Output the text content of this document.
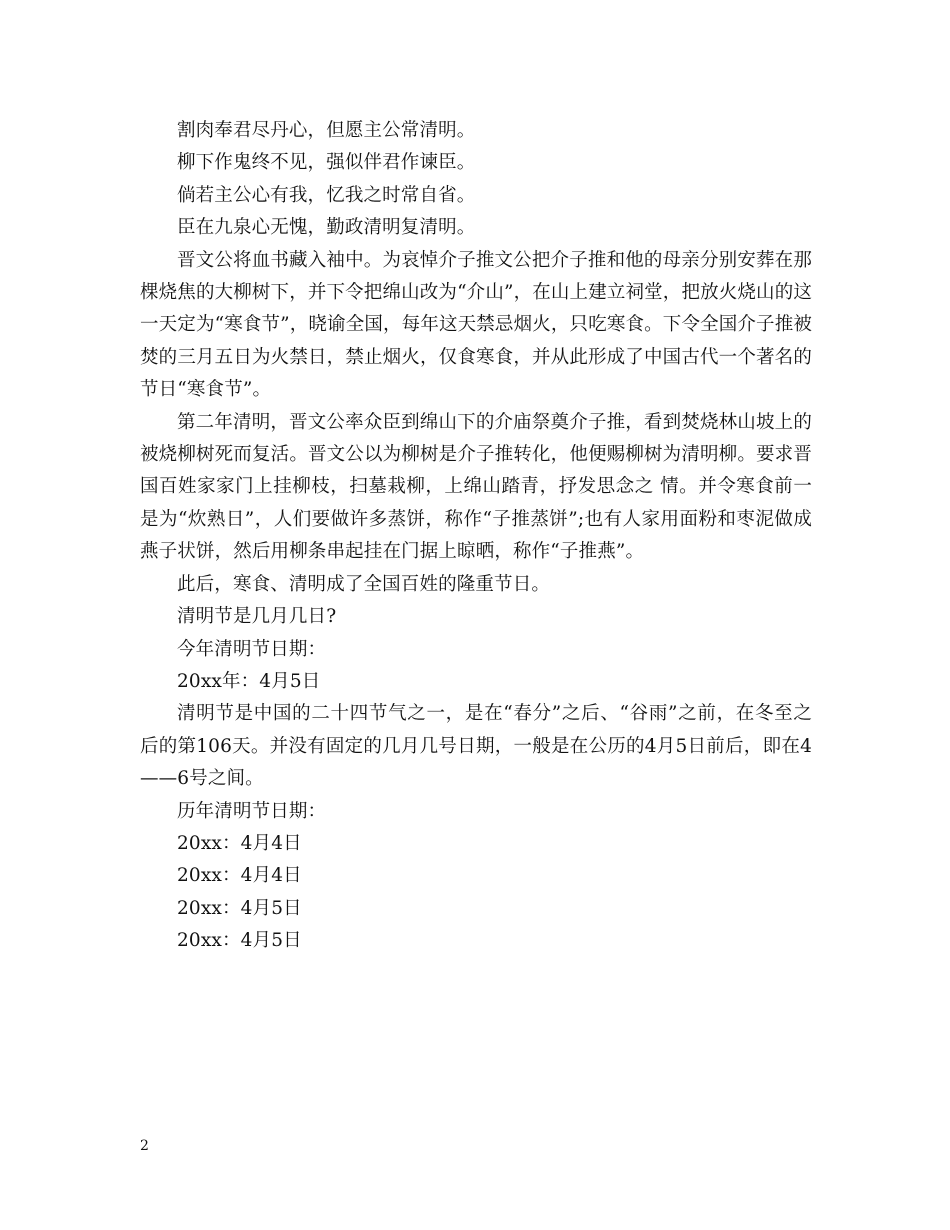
割肉奉君尽丹心，但愿主公常清明。

柳下作鬼终不见，强似伴君作谏臣。

倘若主公心有我，忆我之时常自省。

臣在九泉心无愧，勤政清明复清明。

晋文公将血书藏入袖中。为哀悼介子推文公把介子推和他的母亲分别安葬在那棵烧焦的大柳树下，并下令把绵山改为“介山”，在山上建立祠堂，把放火烧山的这一天定为“寒食节”，晓谕全国，每年这天禁忌烟火，只吃寒食。下令全国介子推被焚的三月五日为火禁日，禁止烟火，仅食寒食，并从此形成了中国古代一个著名的节日“寒食节”。

第二年清明，晋文公率众臣到绵山下的介庙祭奠介子推，看到焚烧林山坡上的被烧柳树死而复活。晋文公以为柳树是介子推转化，他便赐柳树为清明柳。要求晋国百姓家家门上挂柳枝，扫墓栽柳，上绵山踏青，抒发思念之 情。并令寒食前一是为“炊熟日”，人们要做许多蒸饼，称作“子推蒸饼”;也有人家用面粉和枣泥做成燕子状饼，然后用柳条串起挂在门据上晾晒，称作“子推燕”。

此后，寒食、清明成了全国百姓的隆重节日。

清明节是几月几日?

今年清明节日期：

20xx年：4月5日

清明节是中国的二十四节气之一，是在“春分”之后、“谷雨”之前，在冬至之后的第106天。并没有固定的几月几号日期，一般是在公历的4月5日前后，即在4——6号之间。

历年清明节日期：

20xx：4月4日

20xx：4月4日

20xx：4月5日

20xx：4月5日

2
